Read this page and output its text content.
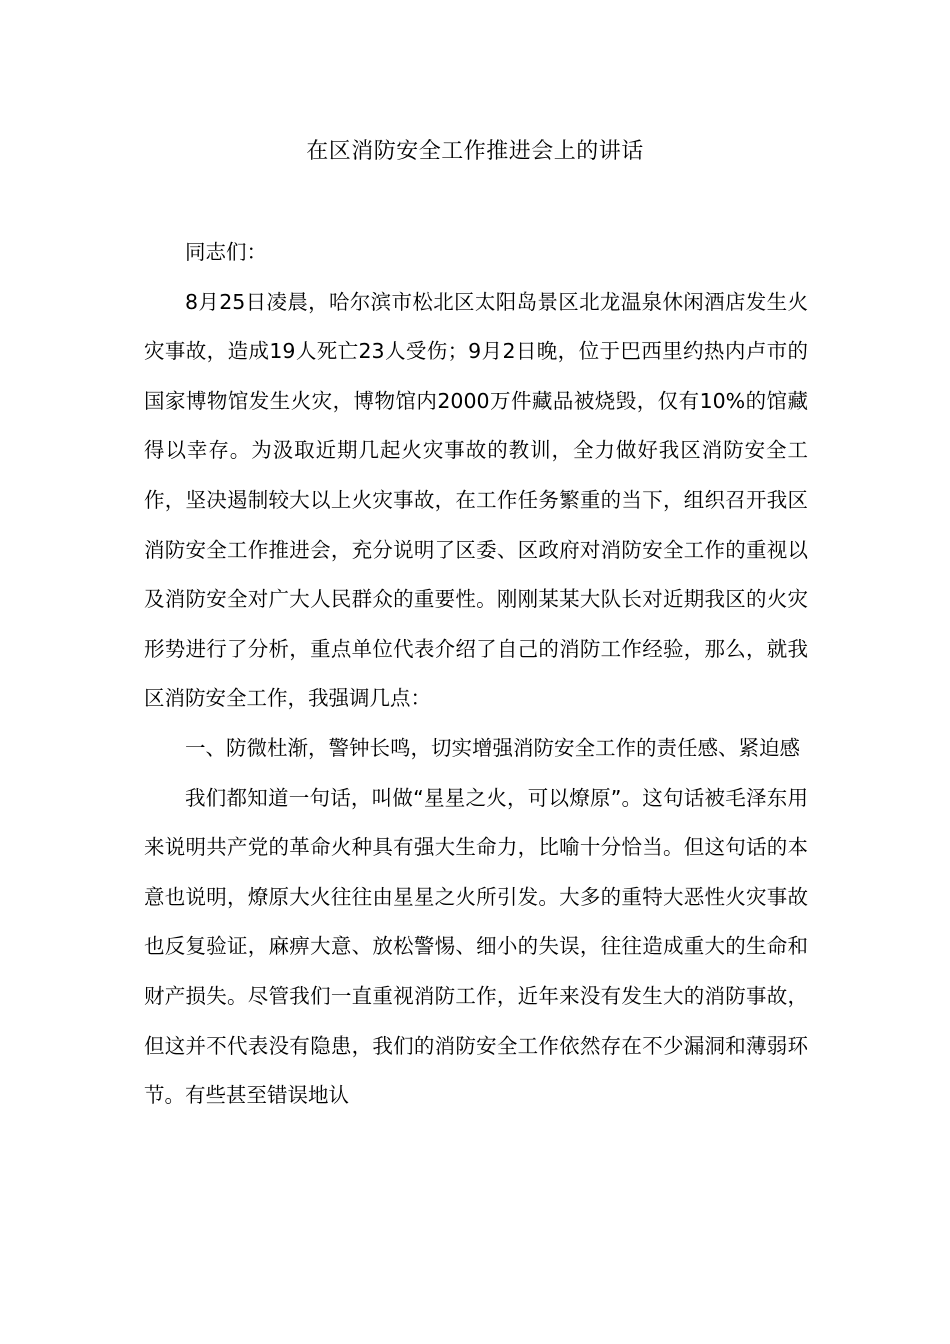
在区消防安全工作推进会上的讲话

同志们：

8月25日凌晨，哈尔滨市松北区太阳岛景区北龙温泉休闲酒店发生火灾事故，造成19人死亡23人受伤；9月2日晚，位于巴西里约热内卢市的国家博物馆发生火灾，博物馆内2000万件藏品被烧毁，仅有10%的馆藏得以幸存。为汲取近期几起火灾事故的教训，全力做好我区消防安全工作，坚决遏制较大以上火灾事故，在工作任务繁重的当下，组织召开我区消防安全工作推进会，充分说明了区委、区政府对消防安全工作的重视以及消防安全对广大人民群众的重要性。刚刚某某大队长对近期我区的火灾形势进行了分析，重点单位代表介绍了自己的消防工作经验，那么，就我区消防安全工作，我强调几点：

一、防微杜渐，警钟长鸣，切实增强消防安全工作的责任感、紧迫感

我们都知道一句话，叫做“星星之火，可以燎原”。这句话被毛泽东用来说明共产党的革命火种具有强大生命力，比喻十分恰当。但这句话的本意也说明，燎原大火往往由星星之火所引发。大多的重特大恶性火灾事故也反复验证，麻痹大意、放松警惕、细小的失误，往往造成重大的生命和财产损失。尽管我们一直重视消防工作，近年来没有发生大的消防事故，但这并不代表没有隐患，我们的消防安全工作依然存在不少漏洞和薄弱环节。有些甚至错误地认
